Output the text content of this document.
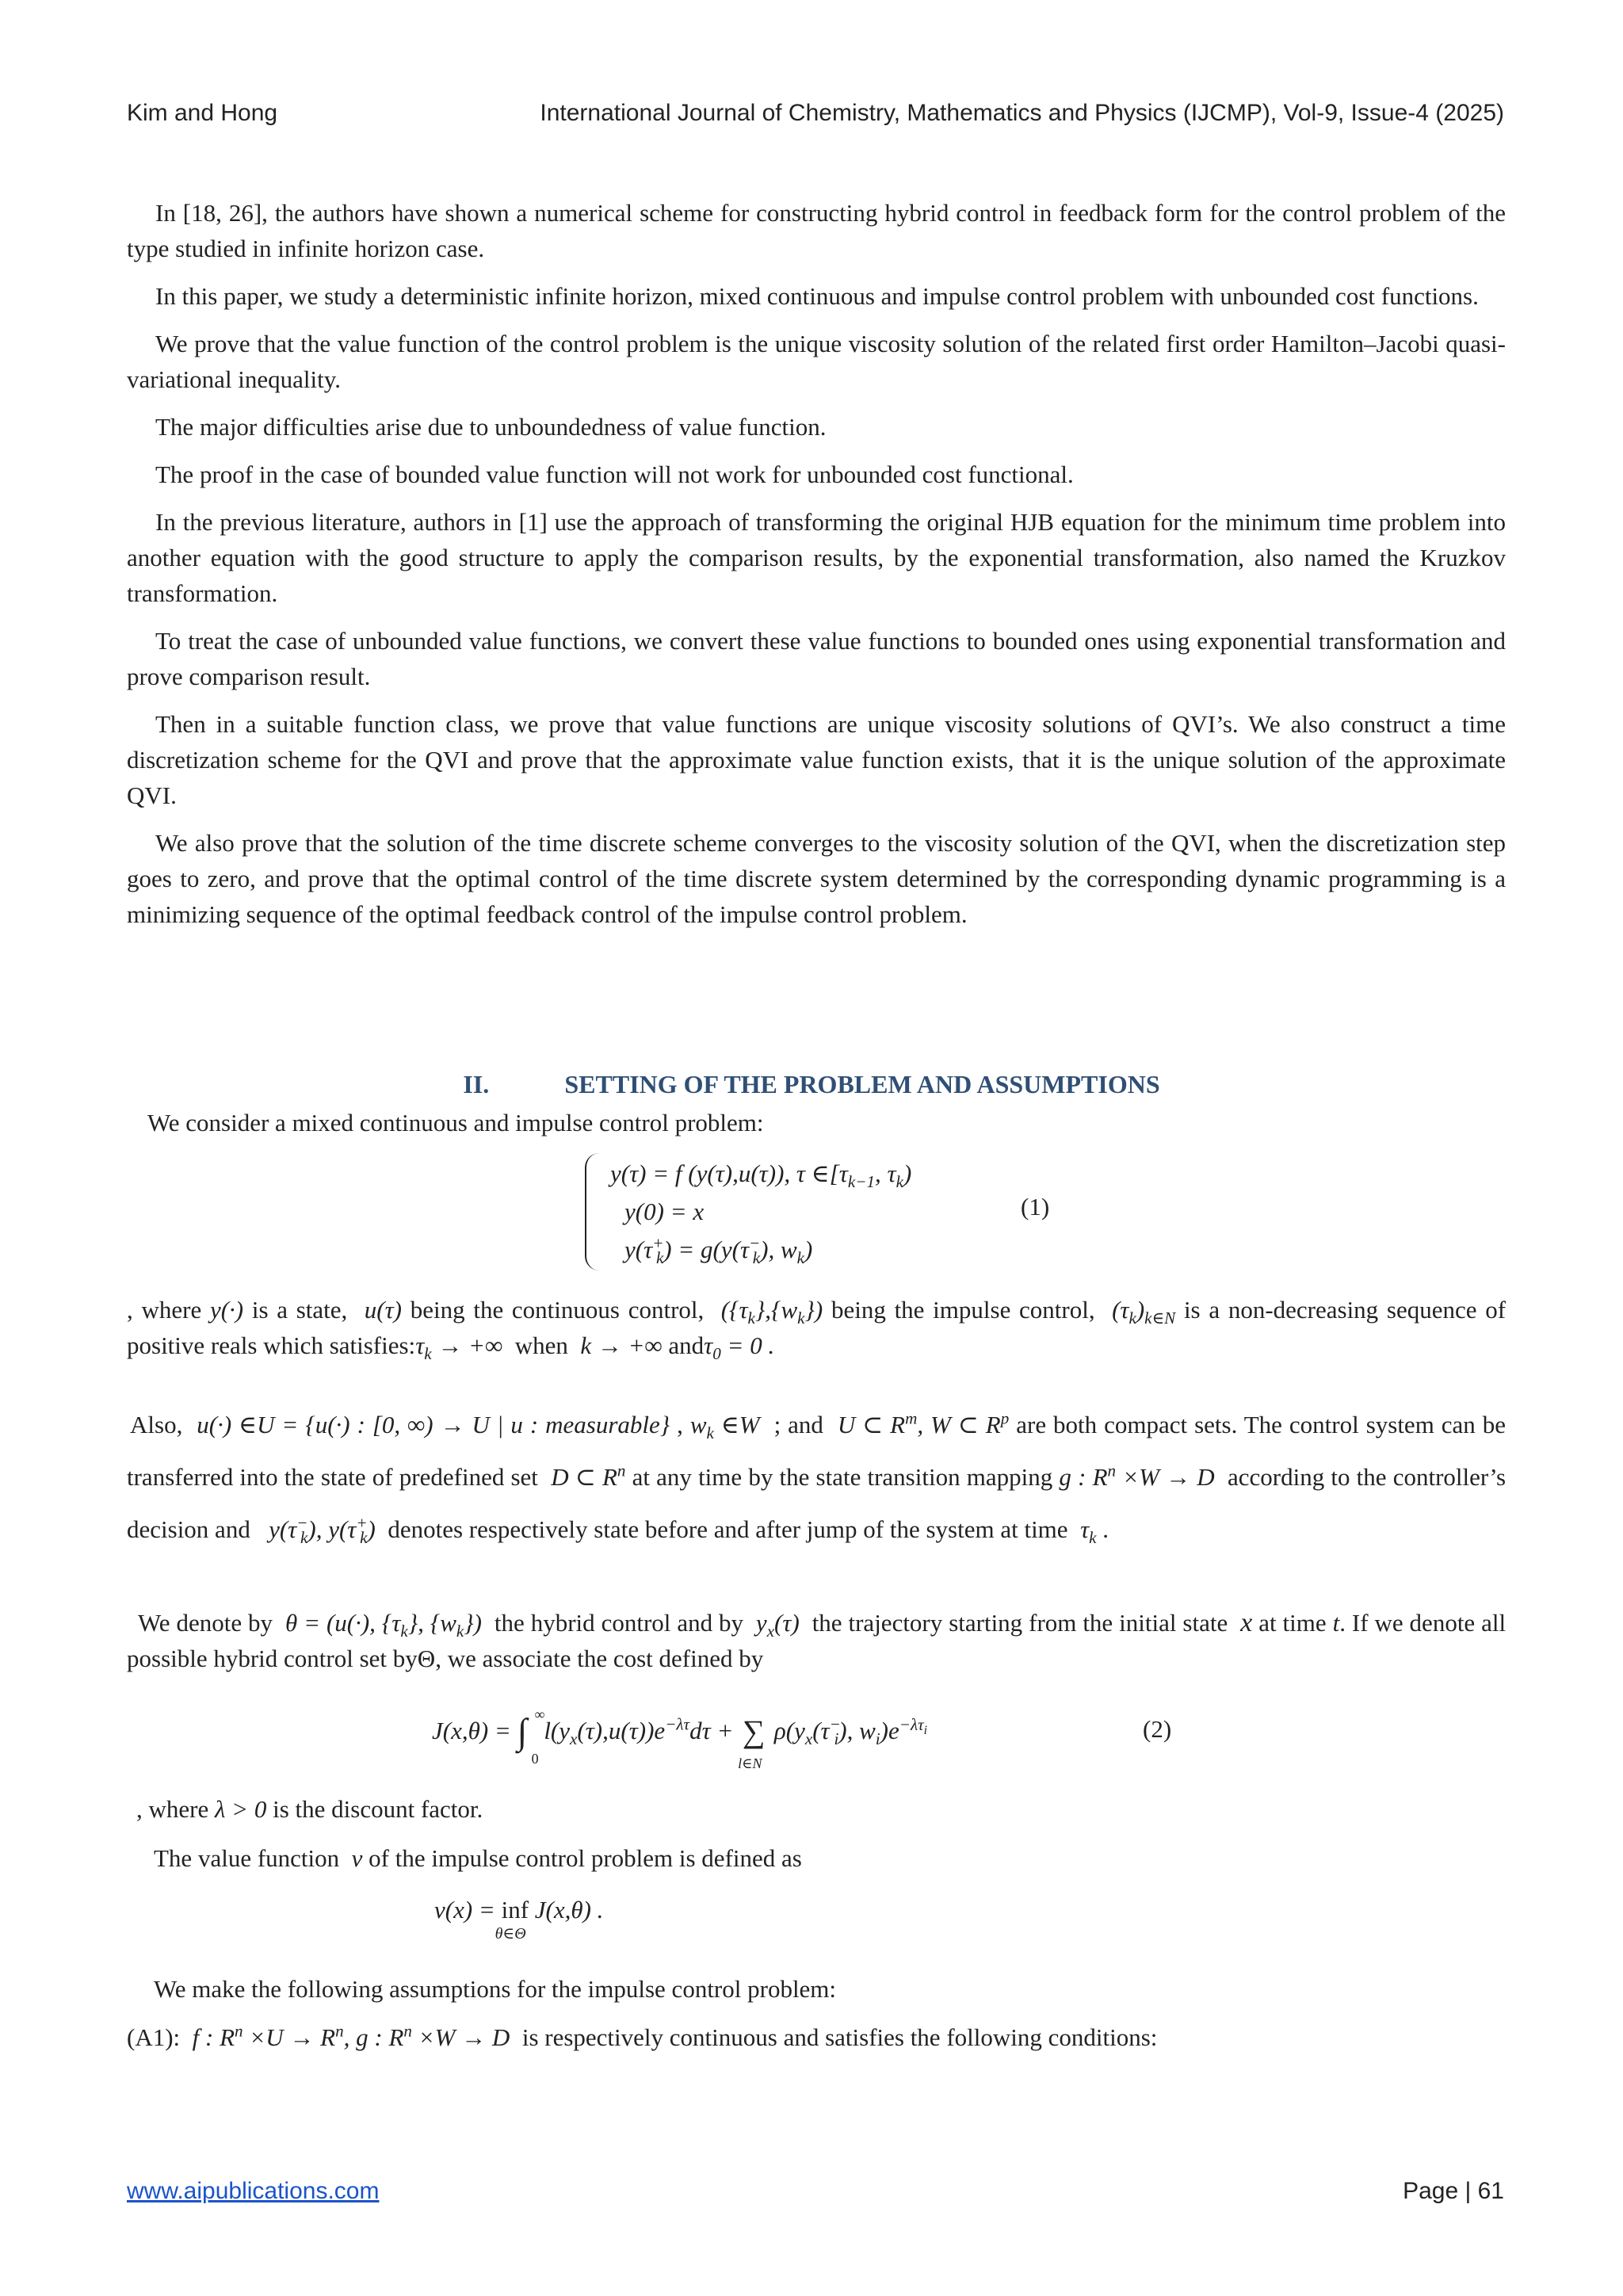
Kim and Hong	International Journal of Chemistry, Mathematics and Physics (IJCMP), Vol-9, Issue-4 (2025)

In [18, 26], the authors have shown a numerical scheme for constructing hybrid control in feedback form for the control problem of the type studied in infinite horizon case.

In this paper, we study a deterministic infinite horizon, mixed continuous and impulse control problem with unbounded cost functions.

We prove that the value function of the control problem is the unique viscosity solution of the related first order Hamilton–Jacobi quasi-variational inequality.

The major difficulties arise due to unboundedness of value function.

The proof in the case of bounded value function will not work for unbounded cost functional.

In the previous literature, authors in [1] use the approach of transforming the original HJB equation for the minimum time problem into another equation with the good structure to apply the comparison results, by the exponential transformation, also named the Kruzkov transformation.

To treat the case of unbounded value functions, we convert these value functions to bounded ones using exponential transformation and prove comparison result.

Then in a suitable function class, we prove that value functions are unique viscosity solutions of QVI’s. We also construct a time discretization scheme for the QVI and prove that the approximate value function exists, that it is the unique solution of the approximate QVI.

We also prove that the solution of the time discrete scheme converges to the viscosity solution of the QVI, when the discretization step goes to zero, and prove that the optimal control of the time discrete system determined by the corresponding dynamic programming is a minimizing sequence of the optimal feedback control of the impulse control problem.

II.	SETTING OF THE PROBLEM AND ASSUMPTIONS
We consider a mixed continuous and impulse control problem:
y(τ) = f (y(τ),u(τ)), τ $\in[\tau_{k-1}$, $\tau_k$)
y(0) = x
$y(\tau^+_k) = g(y(\tau^-_k)$, $w_k$)
(1)

, where y(·) is a state, u(τ) being the continuous control, $(\{\tau_k\},\{w_k\})$ being the impulse control, $(\tau_k)_{k\in N}$ is a non-decreasing sequence of positive reals which $satisfies:\tau_k$ → +∞ when k → +∞ andτ$_0$ = 0 .

Also, u(·) ∈U = {u(·) : [0, ∞) → U | u : measurable} , $w_k$ ∈W ; and U ⊂ $R^m$, W ⊂ $R^p$ are both compact sets. The control system can be transferred into the state of predefined set D ⊂ $R^n$ at any time by the state transition mapping g : $R^n \times W \to D$ according to the controller’s decision and $y(\tau^-_k)$, $y(\tau^+_k)$ denotes respectively state before and after jump of the system at time $\tau_k$ .

We denote by θ = (u(·), $\{\tau_k\}$, $\{w_k\}$) the hybrid control and by $y_x(\tau)$ the trajectory starting from the initial state x at time t. If we denote all possible hybrid control set byΘ, we associate the cost defined by

J(x,θ) = ∫ ∞
0
$l(y_x(\tau),u(\tau))e^{-\lambda\tau}d\tau$ + ∑
l∈N
$\rho(y_x(\tau^-_i)$, $w_i)e^{-\lambda\tau_i}$	(2)
, where λ > 0 is the discount factor.
The value function v of the impulse control problem is defined as
v(x) = inf
θ∈Θ
J(x,θ) .
We make the following assumptions for the impulse control problem:
(A1): f : $R^n \times U \to R^n$, g : $R^n \times W \to D$ is respectively continuous and satisfies the following conditions:
www.aipublications.com	Page | 61
